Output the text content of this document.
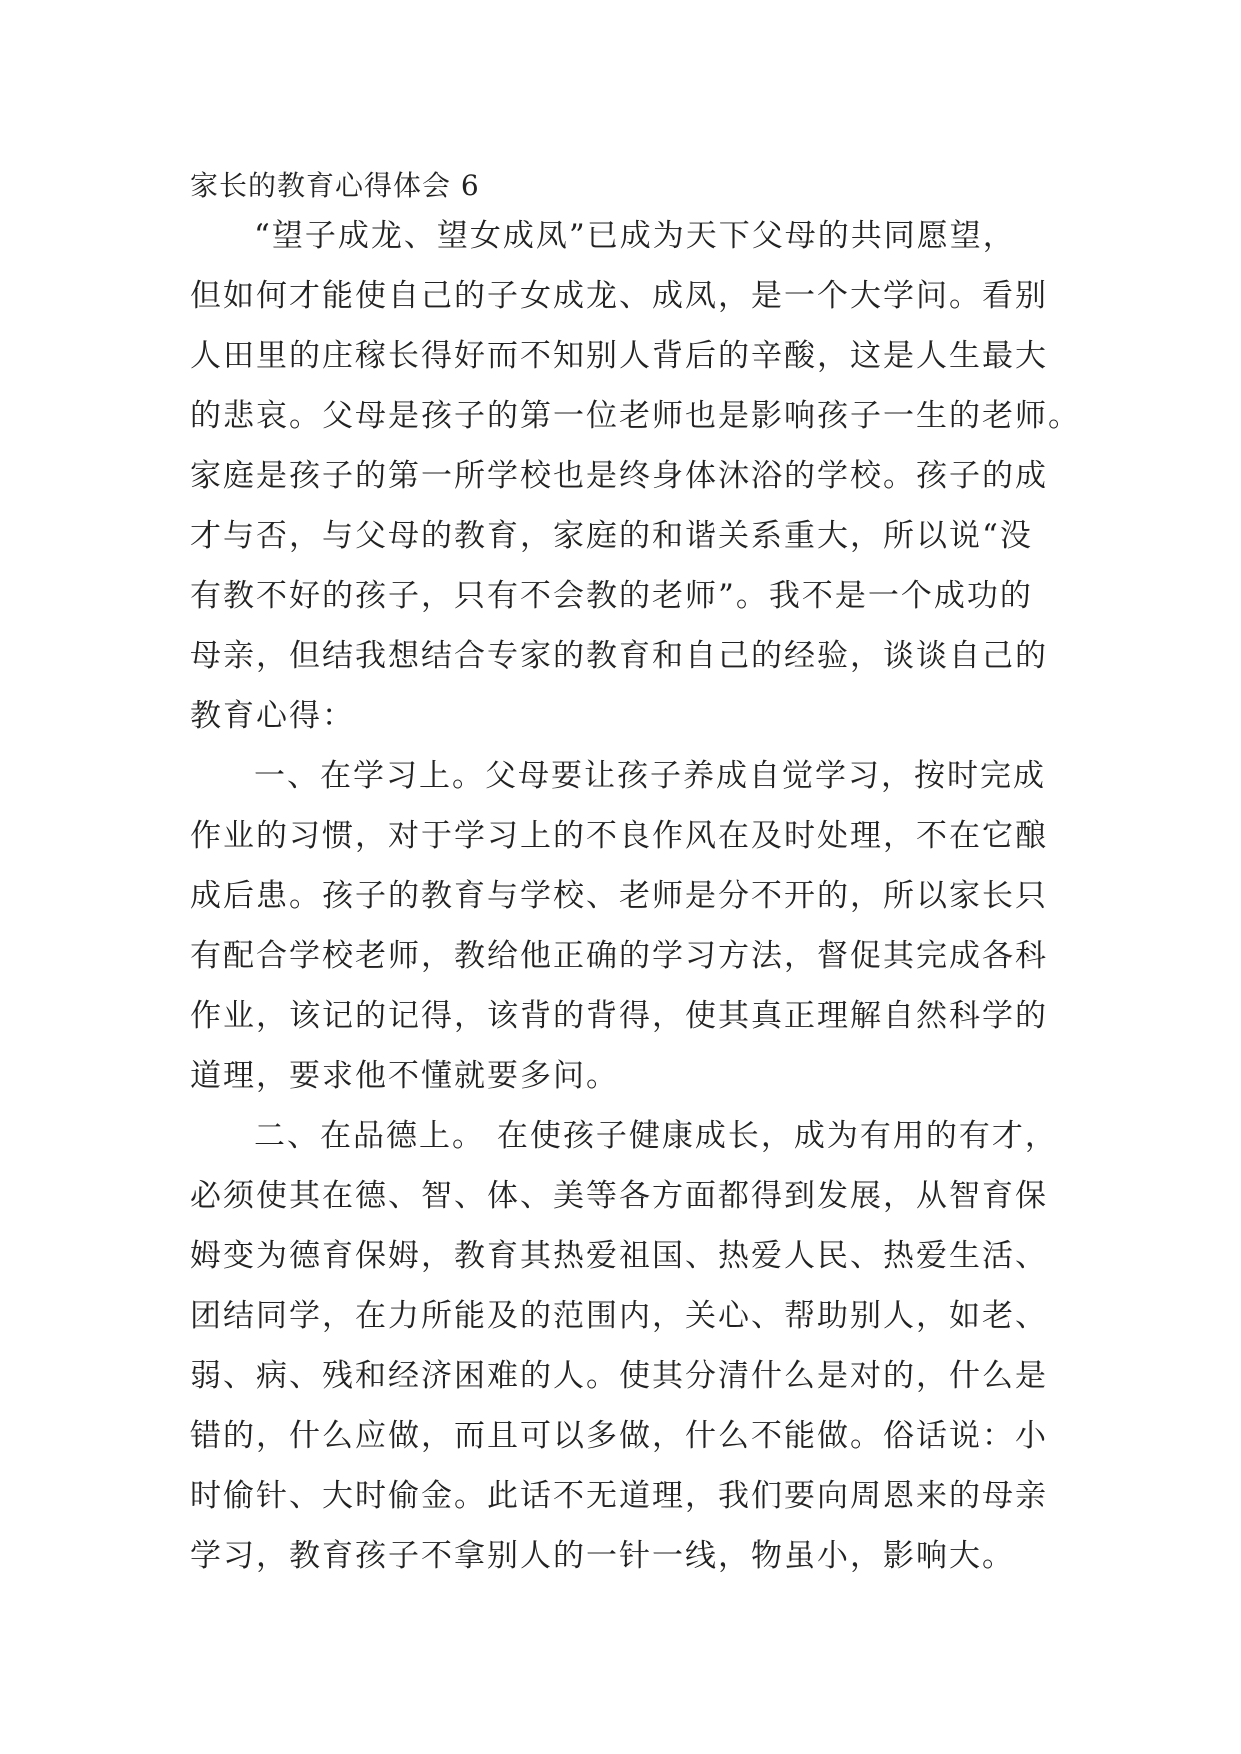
家长的教育心得体会 6

“望子成龙、望女成凤”已成为天下父母的共同愿望，
但如何才能使自己的子女成龙、成凤，是一个大学问。看别
人田里的庄稼长得好而不知别人背后的辛酸，这是人生最大
的悲哀。父母是孩子的第一位老师也是影响孩子一生的老师。
家庭是孩子的第一所学校也是终身体沐浴的学校。孩子的成
才与否，与父母的教育，家庭的和谐关系重大，所以说“没
有教不好的孩子，只有不会教的老师”。我不是一个成功的
母亲，但结我想结合专家的教育和自己的经验，谈谈自己的
教育心得：

一、在学习上。父母要让孩子养成自觉学习，按时完成
作业的习惯，对于学习上的不良作风在及时处理，不在它酿
成后患。孩子的教育与学校、老师是分不开的，所以家长只
有配合学校老师，教给他正确的学习方法，督促其完成各科
作业，该记的记得，该背的背得，使其真正理解自然科学的
道理，要求他不懂就要多问。

二、在品德上。 在使孩子健康成长，成为有用的有才，
必须使其在德、智、体、美等各方面都得到发展，从智育保
姆变为德育保姆，教育其热爱祖国、热爱人民、热爱生活、
团结同学，在力所能及的范围内，关心、帮助别人，如老、
弱、病、残和经济困难的人。使其分清什么是对的，什么是
错的，什么应做，而且可以多做，什么不能做。俗话说：小
时偷针、大时偷金。此话不无道理，我们要向周恩来的母亲
学习，教育孩子不拿别人的一针一线，物虽小，影响大。
